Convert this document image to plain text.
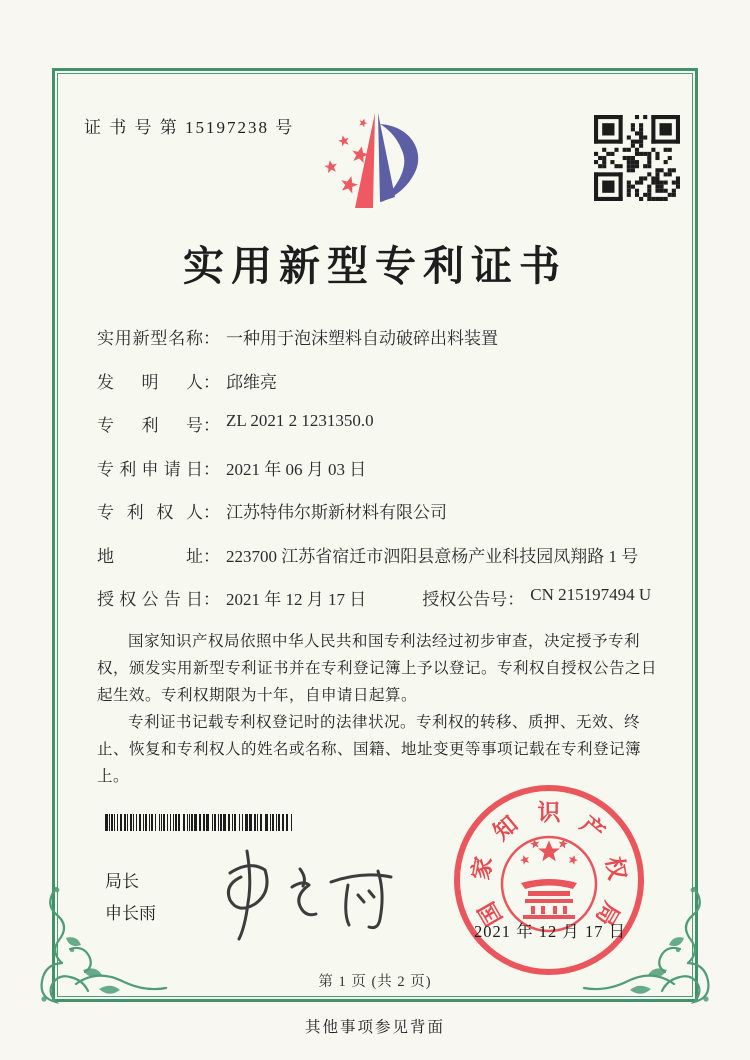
证 书 号 第 15197238 号
实用新型专利证书
实用新型名称 ： 一种用于泡沫塑料自动破碎出料装置
发明人 ： 邱维亮
专利号 ： ZL 2021 2 1231350.0
专利申请日 ： 2021 年 06 月 03 日
专利权人 ： 江苏特伟尔斯新材料有限公司
地址 ： 223700 江苏省宿迁市泗阳县意杨产业科技园凤翔路 1 号
授权公告日 ： 2021 年 12 月 17 日	授权公告号 ： CN 215197494 U

国家知识产权局依照中华人民共和国专利法经过初步审查，决定授予专利权，颁发实用新型专利证书并在专利登记簿上予以登记。专利权自授权公告之日起生效。专利权期限为十年，自申请日起算。

专利证书记载专利权登记时的法律状况。专利权的转移、质押、无效、终止、恢复和专利权人的姓名或名称、国籍、地址变更等事项记载在专利登记簿上。

局长
申长雨	国
家
知 识 产
权
局
2021 年 12 月 17 日
第 1 页 (共 2 页)
其他事项参见背面
